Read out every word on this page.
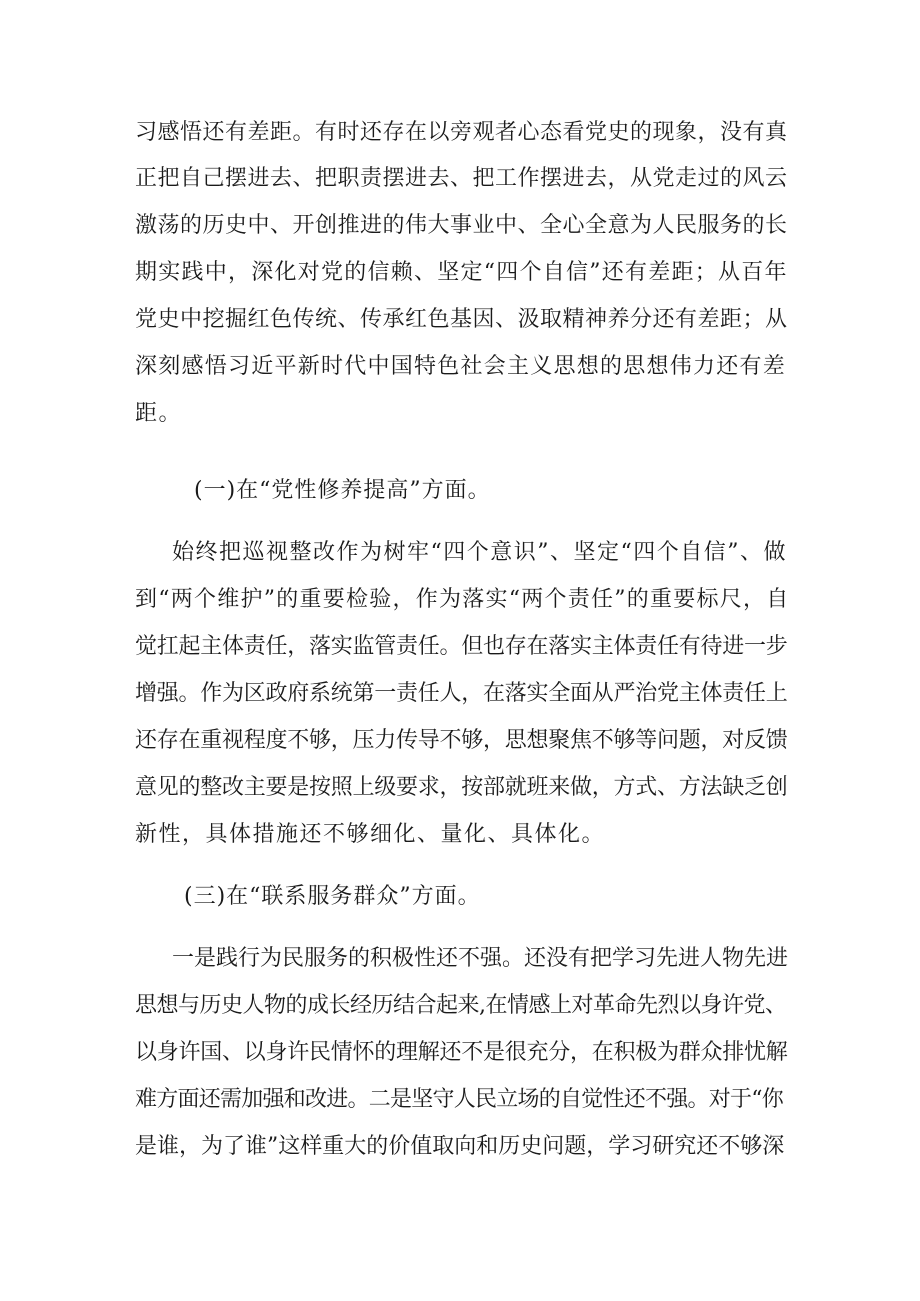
习感悟还有差距。有时还存在以旁观者心态看党史的现象，没有真
正把自己摆进去、把职责摆进去、把工作摆进去，从党走过的风云
激荡的历史中、开创推进的伟大事业中、全心全意为人民服务的长
期实践中，深化对党的信赖、坚定“四个自信”还有差距；从百年
党史中挖掘红色传统、传承红色基因、汲取精神养分还有差距；从
深刻感悟习近平新时代中国特色社会主义思想的思想伟力还有差
距。
(一)在“党性修养提高”方面。
始终把巡视整改作为树牢“四个意识”、坚定“四个自信”、做
到“两个维护”的重要检验，作为落实“两个责任”的重要标尺，自
觉扛起主体责任，落实监管责任。但也存在落实主体责任有待进一步
增强。作为区政府系统第一责任人，在落实全面从严治党主体责任上
还存在重视程度不够，压力传导不够，思想聚焦不够等问题，对反馈
意见的整改主要是按照上级要求，按部就班来做，方式、方法缺乏创
新性，具体措施还不够细化、量化、具体化。
(三)在“联系服务群众”方面。
一是践行为民服务的积极性还不强。还没有把学习先进人物先进
思想与历史人物的成长经历结合起来,在情感上对革命先烈以身许党、
以身许国、以身许民情怀的理解还不是很充分，在积极为群众排忧解
难方面还需加强和改进。二是坚守人民立场的自觉性还不强。对于“你
是谁，为了谁”这样重大的价值取向和历史问题，学习研究还不够深
